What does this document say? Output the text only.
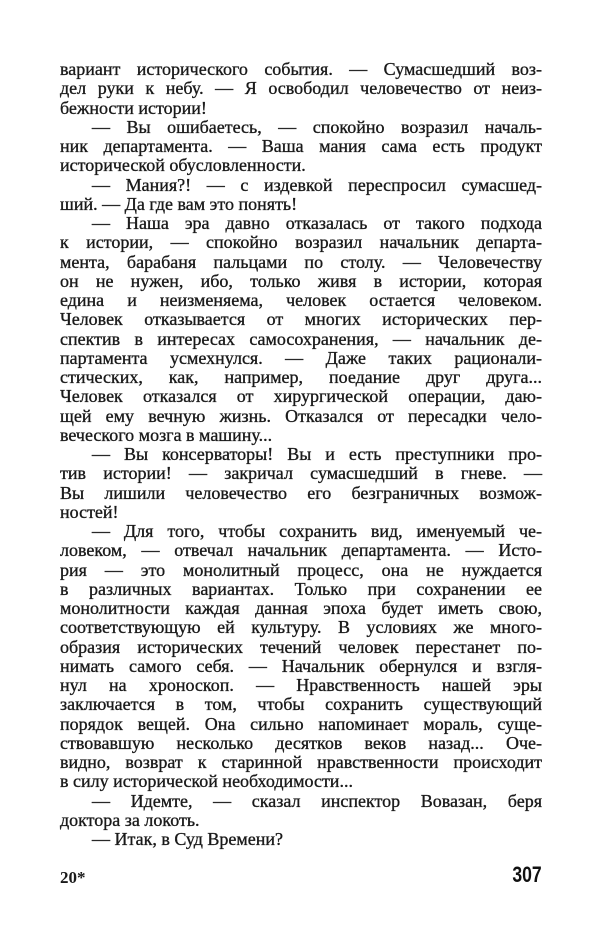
вариант исторического события. — Сумасшедший воз-
дел руки к небу. — Я освободил человечество от неиз-
бежности истории!
— Вы ошибаетесь, — спокойно возразил началь-
ник департамента. — Ваша мания сама есть продукт
исторической обусловленности.
— Мания?! — с издевкой переспросил сумасшед-
ший. — Да где вам это понять!
— Наша эра давно отказалась от такого подхода
к истории, — спокойно возразил начальник департа-
мента, барабаня пальцами по столу. — Человечеству
он не нужен, ибо, только живя в истории, которая
едина и неизменяема, человек остается человеком.
Человек отказывается от многих исторических пер-
спектив в интересах самосохранения, — начальник де-
партамента усмехнулся. — Даже таких рационали-
стических, как, например, поедание друг друга...
Человек отказался от хирургической операции, даю-
щей ему вечную жизнь. Отказался от пересадки чело-
веческого мозга в машину...
— Вы консерваторы! Вы и есть преступники про-
тив истории! — закричал сумасшедший в гневе. —
Вы лишили человечество его безграничных возмож-
ностей!
— Для того, чтобы сохранить вид, именуемый че-
ловеком, — отвечал начальник департамента. — Исто-
рия — это монолитный процесс, она не нуждается
в различных вариантах. Только при сохранении ее
монолитности каждая данная эпоха будет иметь свою,
соответствующую ей культуру. В условиях же много-
образия исторических течений человек перестанет по-
нимать самого себя. — Начальник обернулся и взгля-
нул на хроноскоп. — Нравственность нашей эры
заключается в том, чтобы сохранить существующий
порядок вещей. Она сильно напоминает мораль, суще-
ствовавшую несколько десятков веков назад... Оче-
видно, возврат к старинной нравственности происходит
в силу исторической необходимости...
— Идемте, — сказал инспектор Вовазан, беря
доктора за локоть.
— Итак, в Суд Времени?
20*	307
